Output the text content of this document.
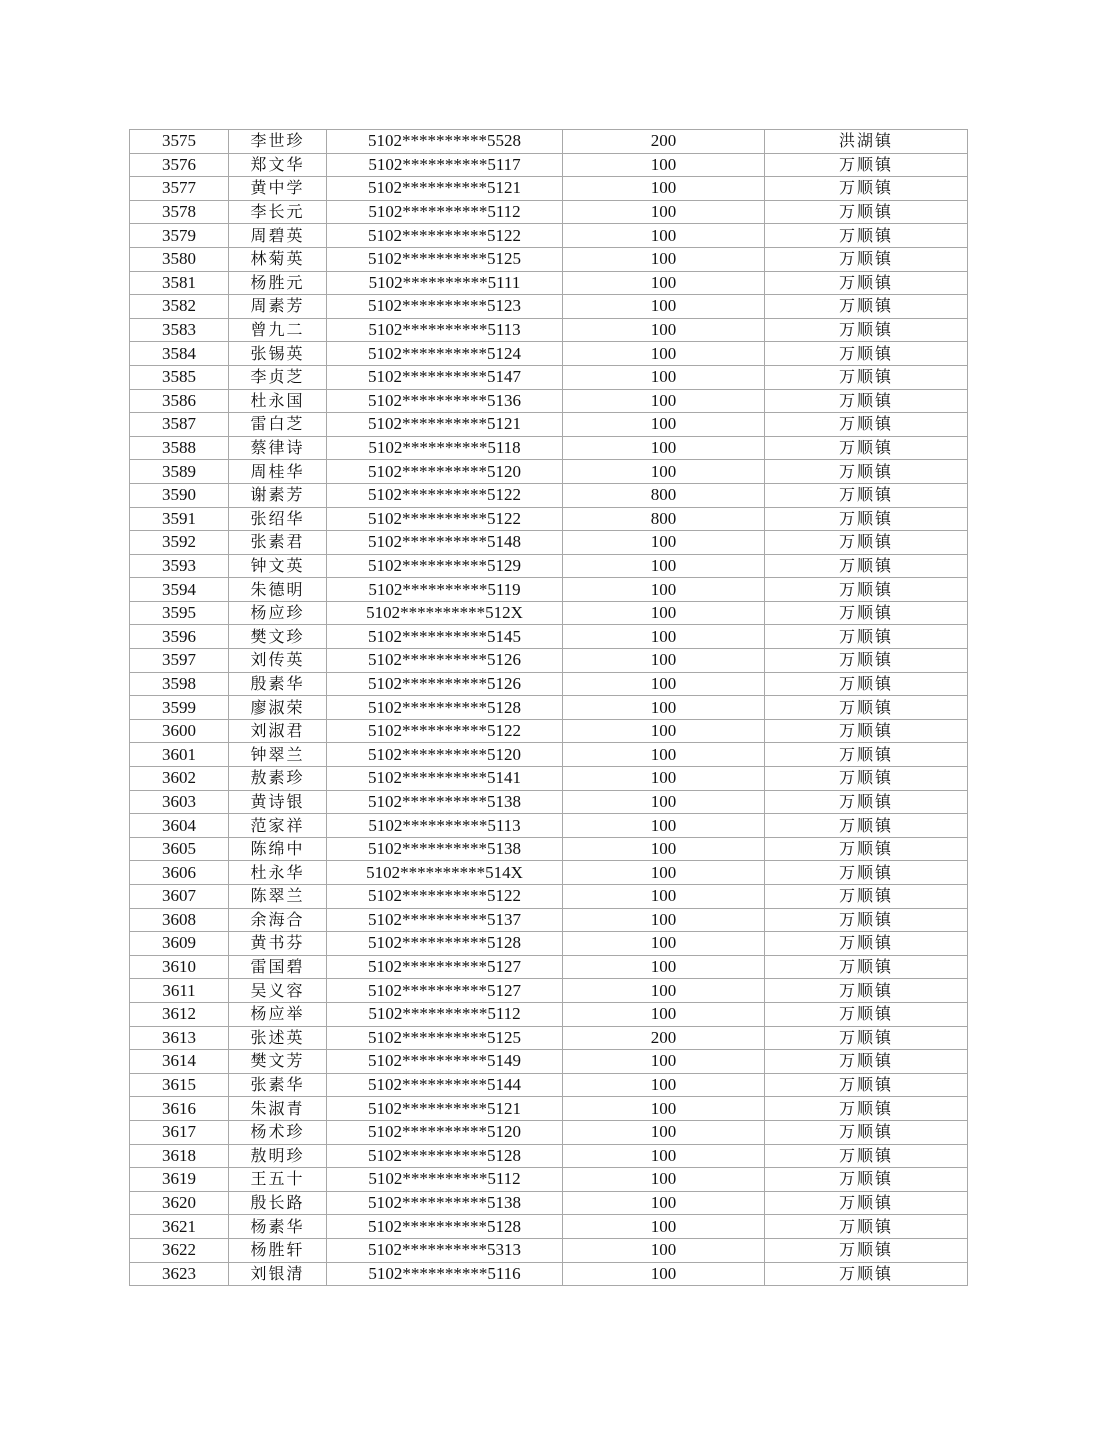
3575	李世珍	5102**********5528	200	洪湖镇
3576	郑文华	5102**********5117	100	万顺镇
3577	黄中学	5102**********5121	100	万顺镇
3578	李长元	5102**********5112	100	万顺镇
3579	周碧英	5102**********5122	100	万顺镇
3580	林菊英	5102**********5125	100	万顺镇
3581	杨胜元	5102**********5111	100	万顺镇
3582	周素芳	5102**********5123	100	万顺镇
3583	曾九二	5102**********5113	100	万顺镇
3584	张锡英	5102**********5124	100	万顺镇
3585	李贞芝	5102**********5147	100	万顺镇
3586	杜永国	5102**********5136	100	万顺镇
3587	雷白芝	5102**********5121	100	万顺镇
3588	蔡律诗	5102**********5118	100	万顺镇
3589	周桂华	5102**********5120	100	万顺镇
3590	谢素芳	5102**********5122	800	万顺镇
3591	张绍华	5102**********5122	800	万顺镇
3592	张素君	5102**********5148	100	万顺镇
3593	钟文英	5102**********5129	100	万顺镇
3594	朱德明	5102**********5119	100	万顺镇
3595	杨应珍	5102**********512X	100	万顺镇
3596	樊文珍	5102**********5145	100	万顺镇
3597	刘传英	5102**********5126	100	万顺镇
3598	殷素华	5102**********5126	100	万顺镇
3599	廖淑荣	5102**********5128	100	万顺镇
3600	刘淑君	5102**********5122	100	万顺镇
3601	钟翠兰	5102**********5120	100	万顺镇
3602	敖素珍	5102**********5141	100	万顺镇
3603	黄诗银	5102**********5138	100	万顺镇
3604	范家祥	5102**********5113	100	万顺镇
3605	陈绵中	5102**********5138	100	万顺镇
3606	杜永华	5102**********514X	100	万顺镇
3607	陈翠兰	5102**********5122	100	万顺镇
3608	余海合	5102**********5137	100	万顺镇
3609	黄书芬	5102**********5128	100	万顺镇
3610	雷国碧	5102**********5127	100	万顺镇
3611	吴义容	5102**********5127	100	万顺镇
3612	杨应举	5102**********5112	100	万顺镇
3613	张述英	5102**********5125	200	万顺镇
3614	樊文芳	5102**********5149	100	万顺镇
3615	张素华	5102**********5144	100	万顺镇
3616	朱淑青	5102**********5121	100	万顺镇
3617	杨术珍	5102**********5120	100	万顺镇
3618	敖明珍	5102**********5128	100	万顺镇
3619	王五十	5102**********5112	100	万顺镇
3620	殷长路	5102**********5138	100	万顺镇
3621	杨素华	5102**********5128	100	万顺镇
3622	杨胜轩	5102**********5313	100	万顺镇
3623	刘银清	5102**********5116	100	万顺镇
